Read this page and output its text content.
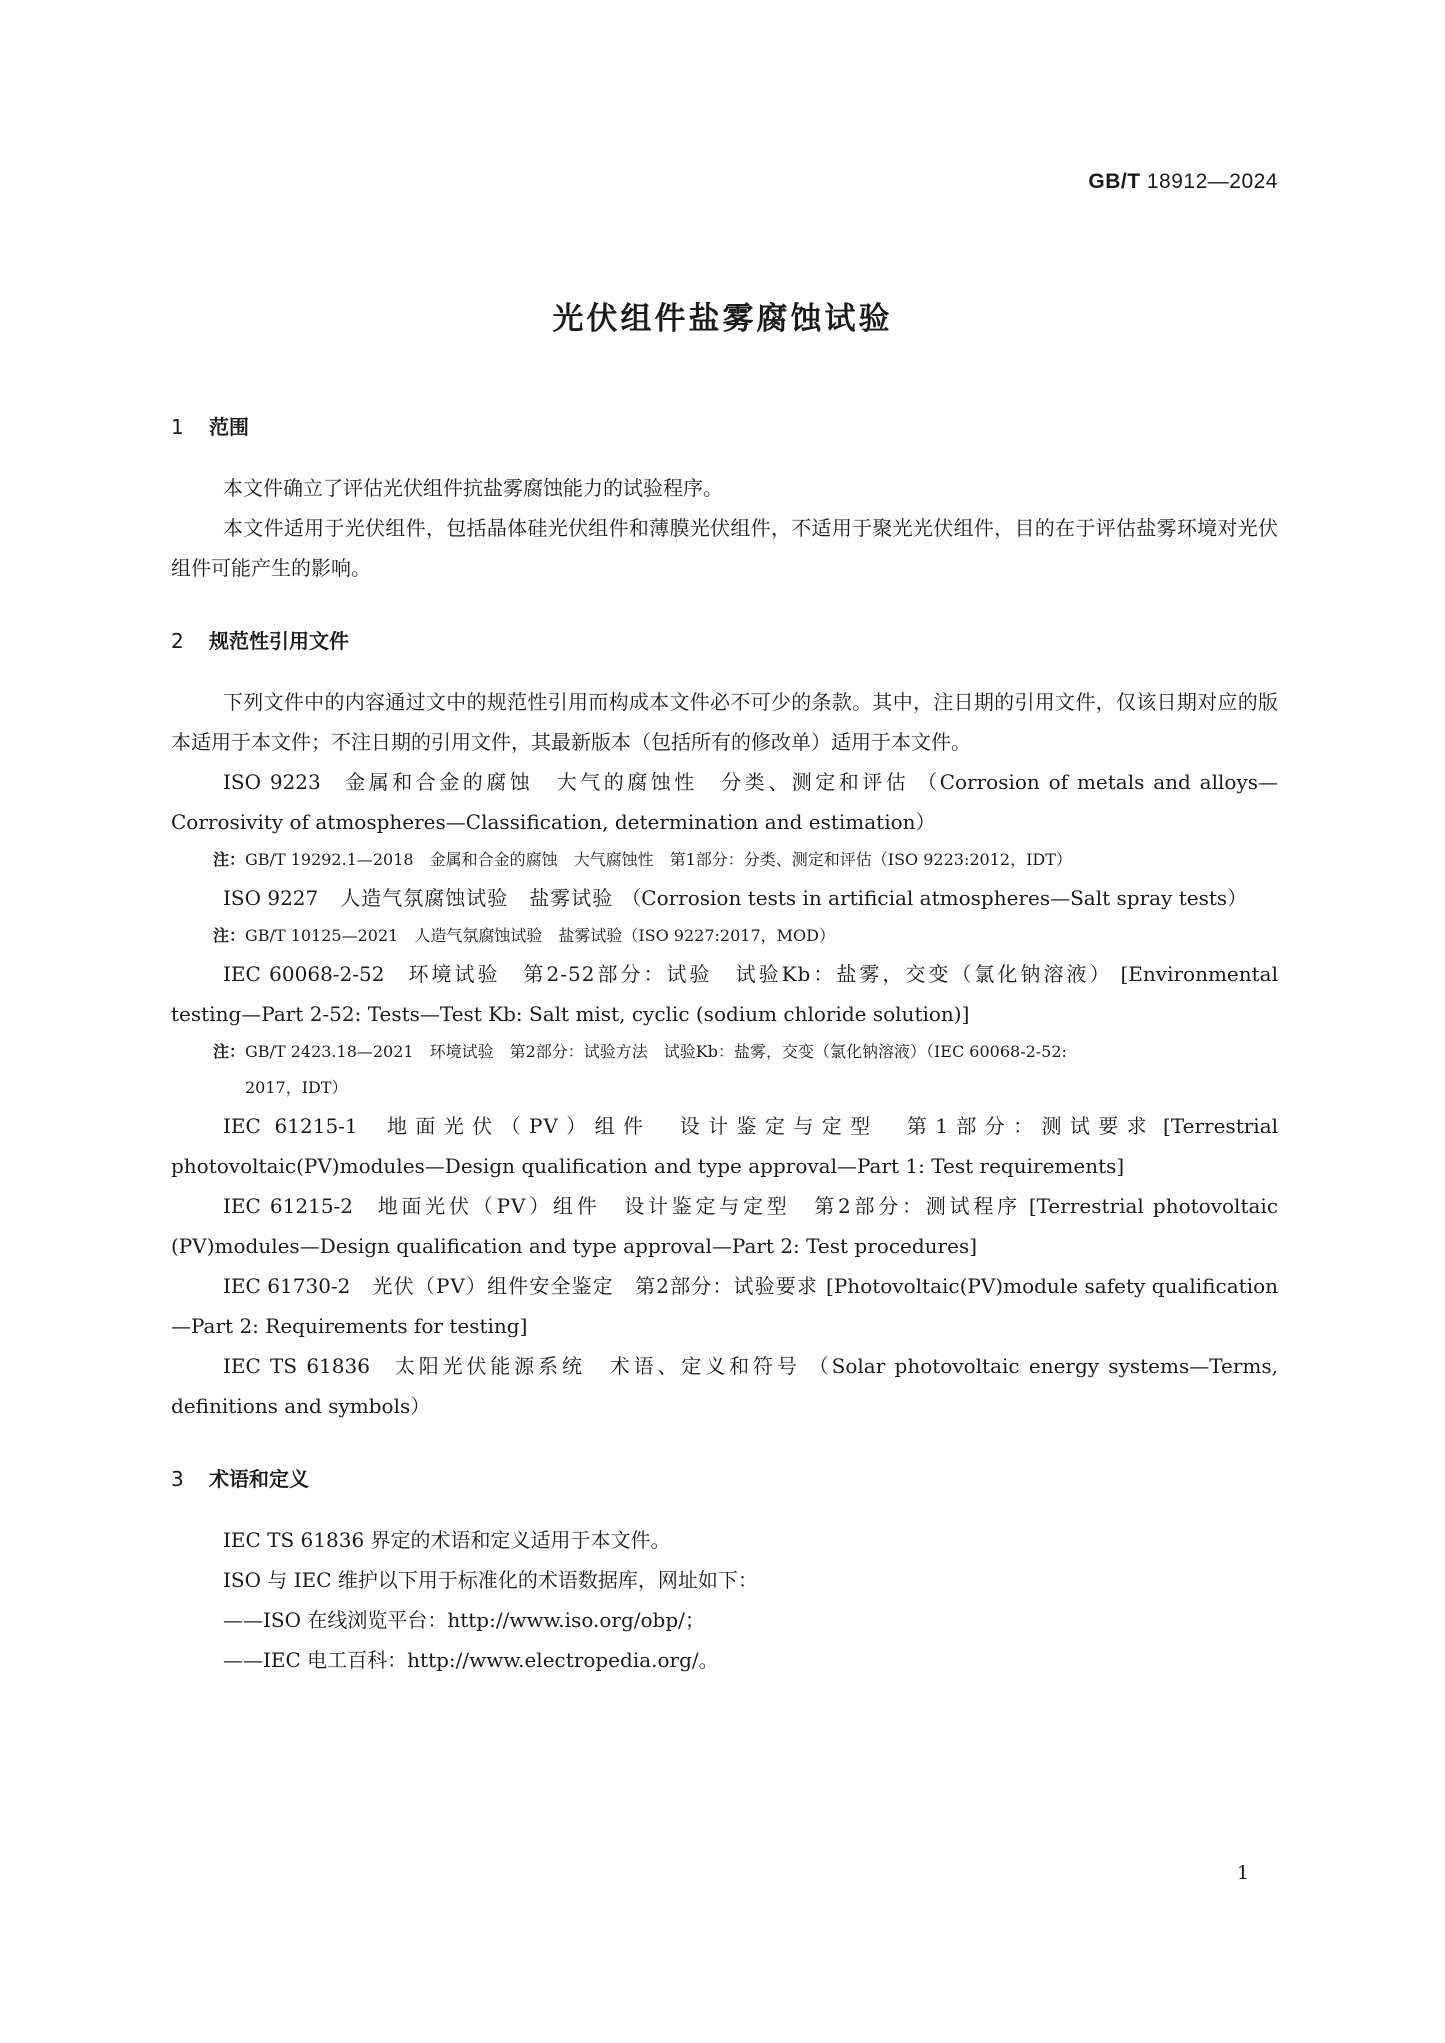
GB/T 18912—2024
光伏组件盐雾腐蚀试验
1 范围

本文件确立了评估光伏组件抗盐雾腐蚀能力的试验程序。

本文件适用于光伏组件，包括晶体硅光伏组件和薄膜光伏组件，不适用于聚光光伏组件，目的在于评估盐雾环境对光伏组件可能产生的影响。

2 规范性引用文件

下列文件中的内容通过文中的规范性引用而构成本文件必不可少的条款。其中，注日期的引用文件，仅该日期对应的版本适用于本文件；不注日期的引用文件，其最新版本（包括所有的修改单）适用于本文件。

ISO 9223 金属和合金的腐蚀　大气的腐蚀性　分类、测定和评估 （Corrosion of metals and alloys—Corrosivity of atmospheres—Classification, determination and estimation）

注：GB/T 19292.1—2018　金属和合金的腐蚀　大气腐蚀性　第1部分：分类、测定和评估（ISO 9223:2012，IDT）

ISO 9227 人造气氛腐蚀试验　盐雾试验 （Corrosion tests in artificial atmospheres—Salt spray tests）

注：GB/T 10125—2021　人造气氛腐蚀试验　盐雾试验（ISO 9227:2017，MOD）

IEC 60068-2-52 环境试验　第2-52部分：试验　试验Kb：盐雾，交变（氯化钠溶液） [Environmental testing—Part 2-52: Tests—Test Kb: Salt mist, cyclic (sodium chloride solution)]

注：GB/T 2423.18—2021　环境试验　第2部分：试验方法　试验Kb：盐雾，交变（氯化钠溶液）（IEC 60068-2-52:
2017，IDT）

IEC 61215-1 地面光伏（PV）组件　设计鉴定与定型　第1部分：测试要求 [Terrestrial photovoltaic(PV)modules—Design qualification and type approval—Part 1: Test requirements]

IEC 61215-2 地面光伏（PV）组件　设计鉴定与定型　第2部分：测试程序 [Terrestrial photovoltaic (PV)modules—Design qualification and type approval—Part 2: Test procedures]

IEC 61730-2 光伏（PV）组件安全鉴定　第2部分：试验要求 [Photovoltaic(PV)module safety qualification—Part 2: Requirements for testing]

IEC TS 61836 太阳光伏能源系统　术语、定义和符号 （Solar photovoltaic energy systems—Terms, definitions and symbols）

3 术语和定义

IEC TS 61836 界定的术语和定义适用于本文件。

ISO 与 IEC 维护以下用于标准化的术语数据库，网址如下：

——ISO 在线浏览平台：http://www.iso.org/obp/；

——IEC 电工百科：http://www.electropedia.org/。

1
